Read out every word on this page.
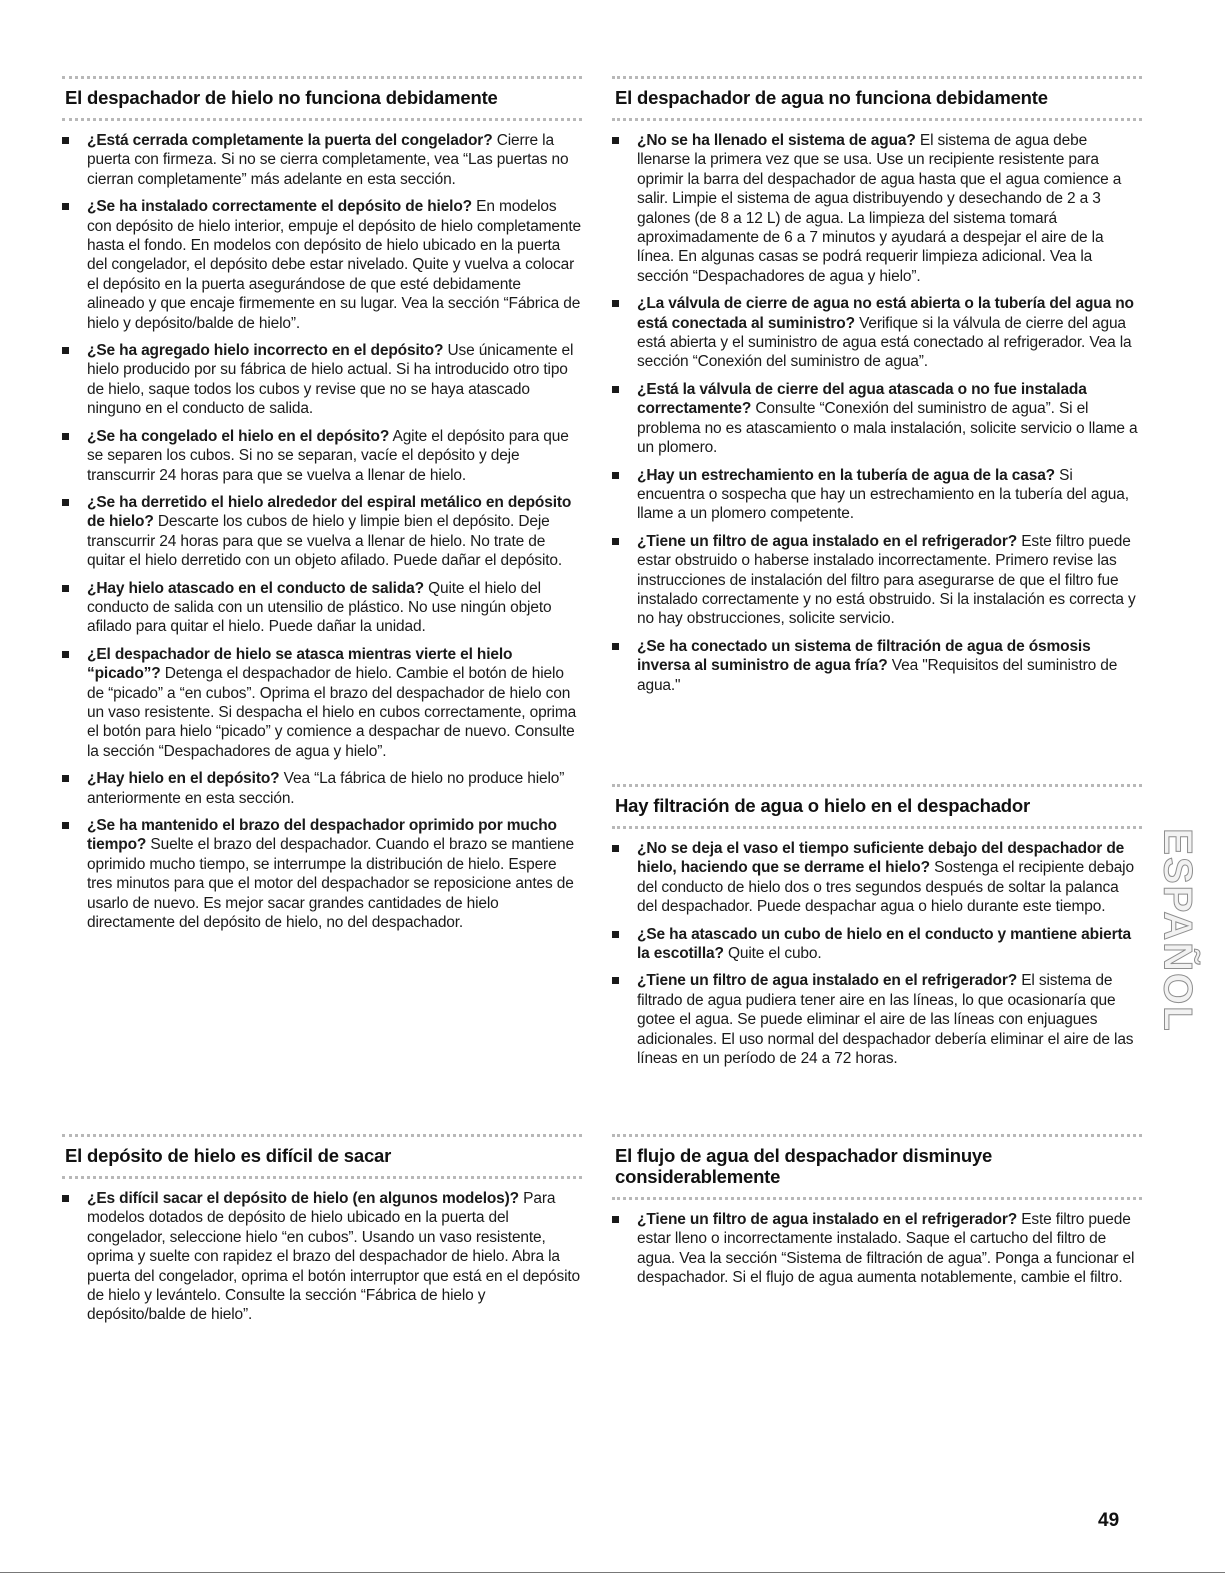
El despachador de hielo no funciona debidamente
¿Está cerrada completamente la puerta del congelador? Cierre la puerta con firmeza. Si no se cierra completamente, vea “Las puertas no cierran completamente” más adelante en esta sección.
¿Se ha instalado correctamente el depósito de hielo? En modelos con depósito de hielo interior, empuje el depósito de hielo completamente hasta el fondo. En modelos con depósito de hielo ubicado en la puerta del congelador, el depósito debe estar nivelado. Quite y vuelva a colocar el depósito en la puerta asegurándose de que esté debidamente alineado y que encaje firmemente en su lugar. Vea la sección “Fábrica de hielo y depósito/balde de hielo”.
¿Se ha agregado hielo incorrecto en el depósito? Use únicamente el hielo producido por su fábrica de hielo actual. Si ha introducido otro tipo de hielo, saque todos los cubos y revise que no se haya atascado ninguno en el conducto de salida.
¿Se ha congelado el hielo en el depósito? Agite el depósito para que se separen los cubos. Si no se separan, vacíe el depósito y deje transcurrir 24 horas para que se vuelva a llenar de hielo.
¿Se ha derretido el hielo alrededor del espiral metálico en depósito de hielo? Descarte los cubos de hielo y limpie bien el depósito. Deje transcurrir 24 horas para que se vuelva a llenar de hielo. No trate de quitar el hielo derretido con un objeto afilado. Puede dañar el depósito.
¿Hay hielo atascado en el conducto de salida? Quite el hielo del conducto de salida con un utensilio de plástico. No use ningún objeto afilado para quitar el hielo. Puede dañar la unidad.
¿El despachador de hielo se atasca mientras vierte el hielo “picado”? Detenga el despachador de hielo. Cambie el botón de hielo de “picado” a “en cubos”. Oprima el brazo del despachador de hielo con un vaso resistente. Si despacha el hielo en cubos correctamente, oprima el botón para hielo “picado” y comience a despachar de nuevo. Consulte la sección “Despachadores de agua y hielo”.
¿Hay hielo en el depósito? Vea “La fábrica de hielo no produce hielo” anteriormente en esta sección.
¿Se ha mantenido el brazo del despachador oprimido por mucho tiempo? Suelte el brazo del despachador. Cuando el brazo se mantiene oprimido mucho tiempo, se interrumpe la distribución de hielo. Espere tres minutos para que el motor del despachador se reposicione antes de usarlo de nuevo. Es mejor sacar grandes cantidades de hielo directamente del depósito de hielo, no del despachador.
El depósito de hielo es difícil de sacar
¿Es difícil sacar el depósito de hielo (en algunos modelos)? Para modelos dotados de depósito de hielo ubicado en la puerta del congelador, seleccione hielo “en cubos”. Usando un vaso resistente, oprima y suelte con rapidez el brazo del despachador de hielo. Abra la puerta del congelador, oprima el botón interruptor que está en el depósito de hielo y levántelo. Consulte la sección “Fábrica de hielo y depósito/balde de hielo”.
El despachador de agua no funciona debidamente
¿No se ha llenado el sistema de agua? El sistema de agua debe llenarse la primera vez que se usa. Use un recipiente resistente para oprimir la barra del despachador de agua hasta que el agua comience a salir. Limpie el sistema de agua distribuyendo y desechando de 2 a 3 galones (de 8 a 12 L) de agua. La limpieza del sistema tomará aproximadamente de 6 a 7 minutos y ayudará a despejar el aire de la línea. En algunas casas se podrá requerir limpieza adicional. Vea la sección “Despachadores de agua y hielo”.
¿La válvula de cierre de agua no está abierta o la tubería del agua no está conectada al suministro? Verifique si la válvula de cierre del agua está abierta y el suministro de agua está conectado al refrigerador. Vea la sección “Conexión del suministro de agua”.
¿Está la válvula de cierre del agua atascada o no fue instalada correctamente? Consulte “Conexión del suministro de agua”. Si el problema no es atascamiento o mala instalación, solicite servicio o llame a un plomero.
¿Hay un estrechamiento en la tubería de agua de la casa? Si encuentra o sospecha que hay un estrechamiento en la tubería del agua, llame a un plomero competente.
¿Tiene un filtro de agua instalado en el refrigerador? Este filtro puede estar obstruido o haberse instalado incorrectamente. Primero revise las instrucciones de instalación del filtro para asegurarse de que el filtro fue instalado correctamente y no está obstruido. Si la instalación es correcta y no hay obstrucciones, solicite servicio.
¿Se ha conectado un sistema de filtración de agua de ósmosis inversa al suministro de agua fría? Vea "Requisitos del suministro de agua."
Hay filtración de agua o hielo en el despachador
¿No se deja el vaso el tiempo suficiente debajo del despachador de hielo, haciendo que se derrame el hielo? Sostenga el recipiente debajo del conducto de hielo dos o tres segundos después de soltar la palanca del despachador. Puede despachar agua o hielo durante este tiempo.
¿Se ha atascado un cubo de hielo en el conducto y mantiene abierta la escotilla? Quite el cubo.
¿Tiene un filtro de agua instalado en el refrigerador? El sistema de filtrado de agua pudiera tener aire en las líneas, lo que ocasionaría que gotee el agua. Se puede eliminar el aire de las líneas con enjuagues adicionales. El uso normal del despachador debería eliminar el aire de las líneas en un período de 24 a 72 horas.
El flujo de agua del despachador disminuye considerablemente
¿Tiene un filtro de agua instalado en el refrigerador? Este filtro puede estar lleno o incorrectamente instalado. Saque el cartucho del filtro de agua. Vea la sección “Sistema de filtración de agua”. Ponga a funcionar el despachador. Si el flujo de agua aumenta notablemente, cambie el filtro.
ESPAÑOL
49
